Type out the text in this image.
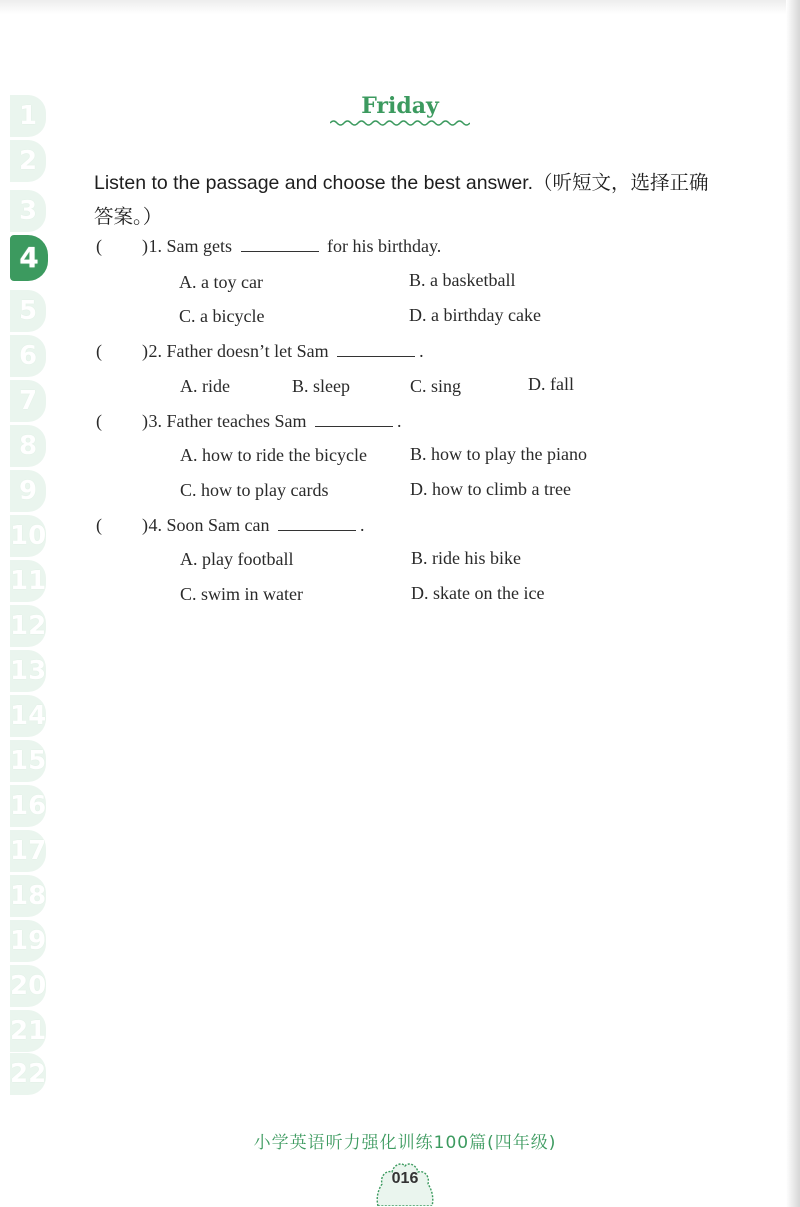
1
2
3
4
5
6
7
8
9
10
11
12
13
14
15
16
17
18
19
20
21
22
Friday
Listen to the passage and choose the best answer.（听短文，选择正确答案。）
( ) 1. Sam gets	for his birthday.
A. a toy car	B. a basketball
C. a bicycle	D. a birthday cake
( ) 2. Father doesn’t let Sam	.
A. ride	B. sleep	C. sing	D. fall
( ) 3. Father teaches Sam	.
A. how to ride the bicycle B. how to play the piano
C. how to play cards	D. how to climb a tree
( ) 4. Soon Sam can	.
A. play football	B. ride his bike
C. swim in water	D. skate on the ice
小学英语听力强化训练100篇(四年级)
016
